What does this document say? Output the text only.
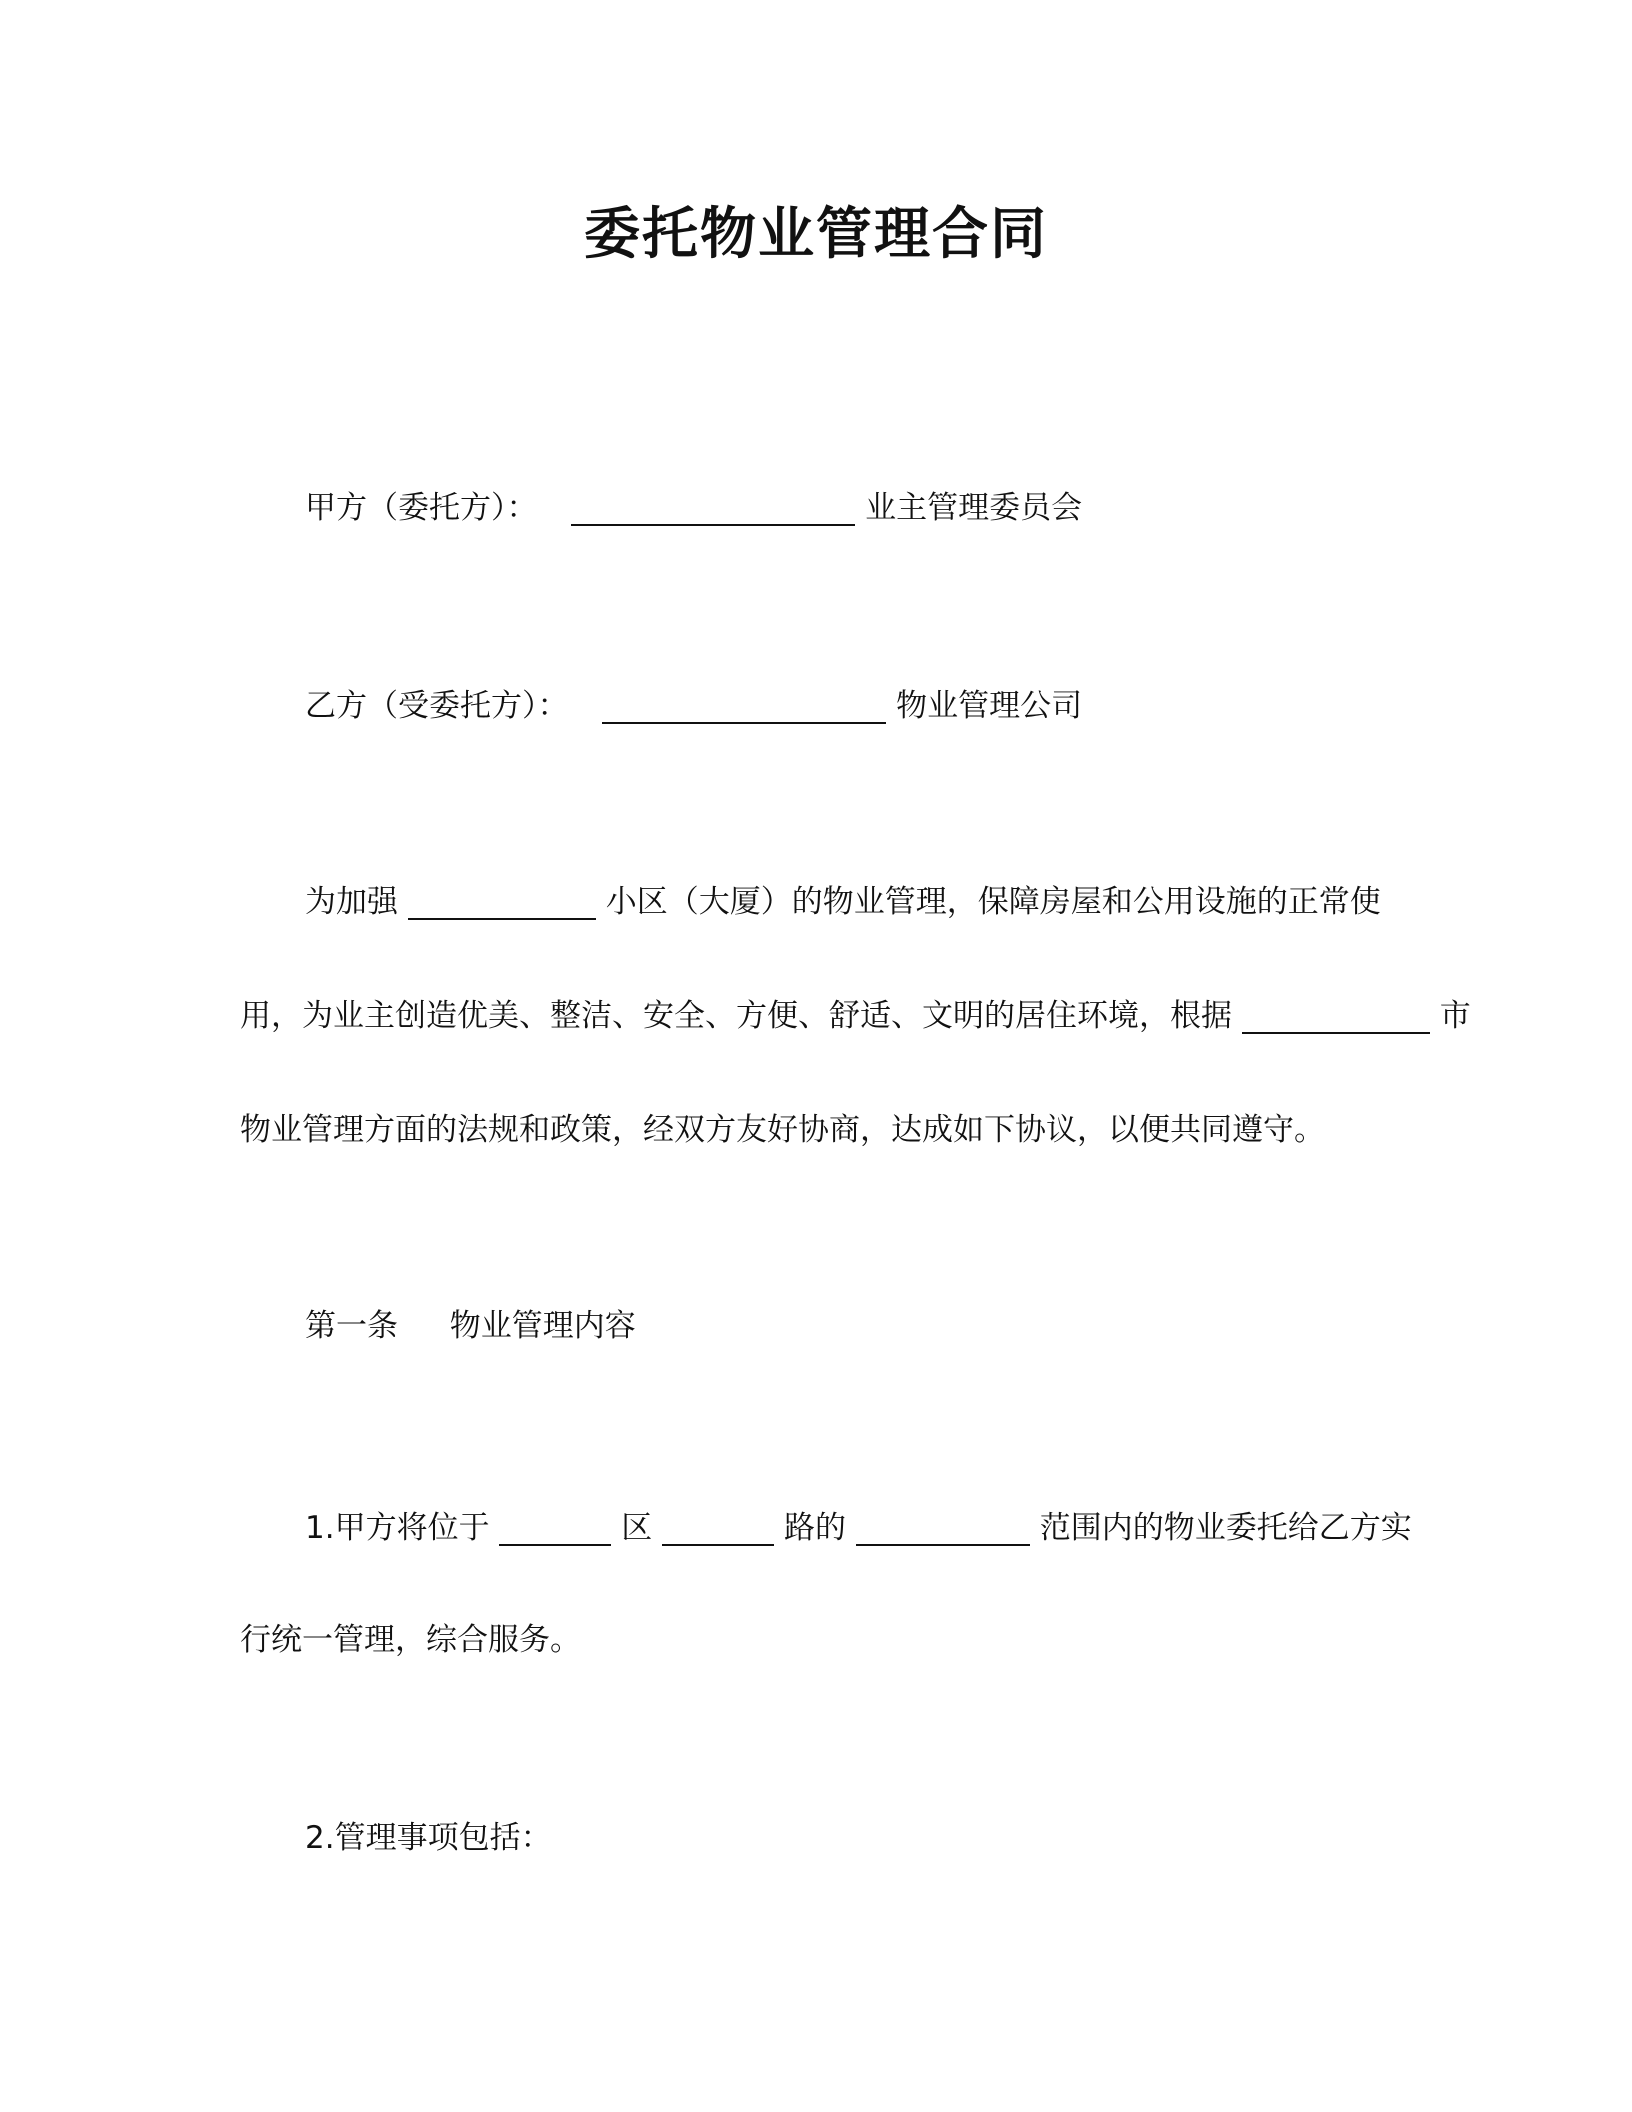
委托物业管理合同
甲方（委托方）：	业主管理委员会
乙方（受委托方）：	物业管理公司
为加强	小区（大厦）的物业管理，保障房屋和公用设施的正常使
用，为业主创造优美、整洁、安全、方便、舒适、文明的居住环境，根据	市
物业管理方面的法规和政策，经双方友好协商，达成如下协议，以便共同遵守。
第一条 物业管理内容
1.甲方将位于	区	路的	范围内的物业委托给乙方实
行统一管理，综合服务。
2.管理事项包括：
